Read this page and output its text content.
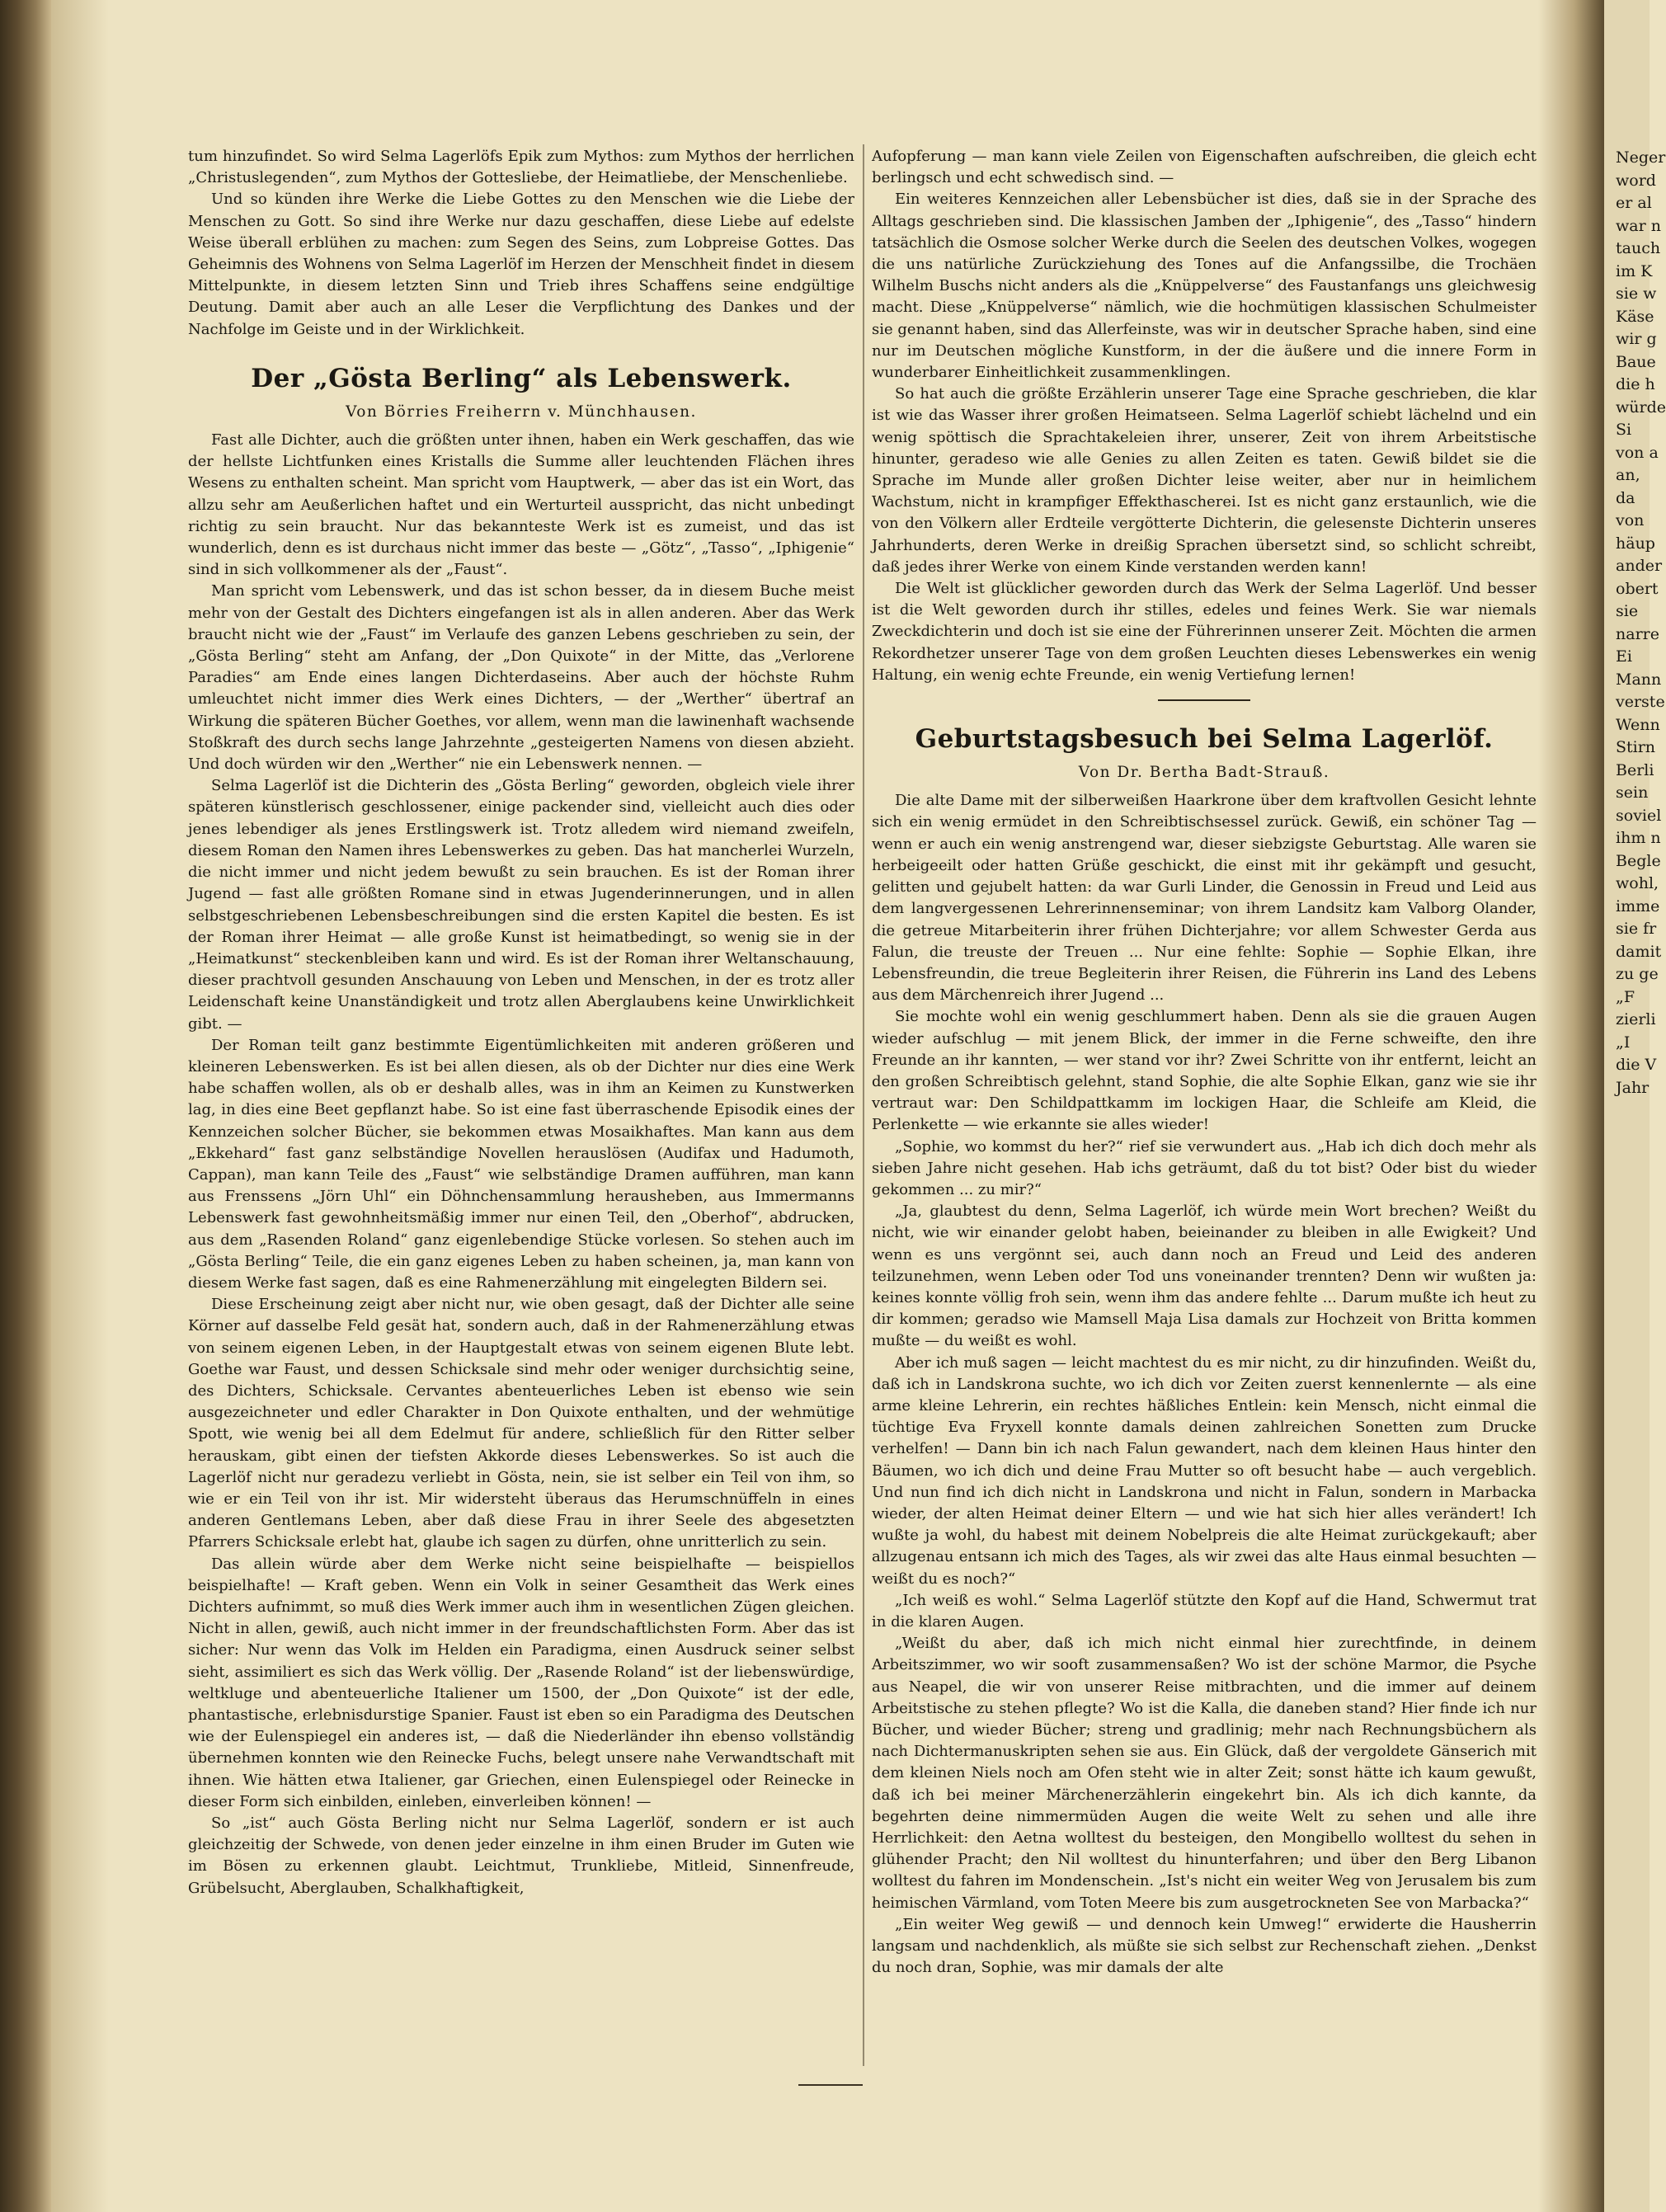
tum hinzufindet. So wird Selma Lagerlöfs Epik zum Mythos: zum Mythos der herrlichen „Christuslegenden“, zum Mythos der Gottesliebe, der Heimatliebe, der Menschenliebe.

Und so künden ihre Werke die Liebe Gottes zu den Menschen wie die Liebe der Menschen zu Gott. So sind ihre Werke nur dazu geschaffen, diese Liebe auf edelste Weise überall erblühen zu machen: zum Segen des Seins, zum Lobpreise Gottes. Das Geheimnis des Wohnens von Selma Lagerlöf im Herzen der Menschheit findet in diesem Mittelpunkte, in diesem letzten Sinn und Trieb ihres Schaffens seine endgültige Deutung. Damit aber auch an alle Leser die Verpflichtung des Dankes und der Nachfolge im Geiste und in der Wirklichkeit.

Der „Gösta Berling“ als Lebenswerk.
Von Börries Freiherrn v. Münchhausen.

Fast alle Dichter, auch die größten unter ihnen, haben ein Werk geschaffen, das wie der hellste Lichtfunken eines Kristalls die Summe aller leuchtenden Flächen ihres Wesens zu enthalten scheint. Man spricht vom Hauptwerk, — aber das ist ein Wort, das allzu sehr am Aeußerlichen haftet und ein Werturteil ausspricht, das nicht unbedingt richtig zu sein braucht. Nur das bekannteste Werk ist es zumeist, und das ist wunderlich, denn es ist durchaus nicht immer das beste — „Götz“, „Tasso“, „Iphigenie“ sind in sich vollkommener als der „Faust“.

Man spricht vom Lebenswerk, und das ist schon besser, da in diesem Buche meist mehr von der Gestalt des Dichters eingefangen ist als in allen anderen. Aber das Werk braucht nicht wie der „Faust“ im Verlaufe des ganzen Lebens geschrieben zu sein, der „Gösta Berling“ steht am Anfang, der „Don Quixote“ in der Mitte, das „Verlorene Paradies“ am Ende eines langen Dichterdaseins. Aber auch der höchste Ruhm umleuchtet nicht immer dies Werk eines Dichters, — der „Werther“ übertraf an Wirkung die späteren Bücher Goethes, vor allem, wenn man die lawinenhaft wachsende Stoßkraft des durch sechs lange Jahrzehnte „gesteigerten Namens von diesen abzieht. Und doch würden wir den „Werther“ nie ein Lebenswerk nennen. —

Selma Lagerlöf ist die Dichterin des „Gösta Berling“ geworden, obgleich viele ihrer späteren künstlerisch geschlossener, einige packender sind, vielleicht auch dies oder jenes lebendiger als jenes Erstlingswerk ist. Trotz alledem wird niemand zweifeln, diesem Roman den Namen ihres Lebenswerkes zu geben. Das hat mancherlei Wurzeln, die nicht immer und nicht jedem bewußt zu sein brauchen. Es ist der Roman ihrer Jugend — fast alle größten Romane sind in etwas Jugenderinnerungen, und in allen selbstgeschriebenen Lebensbeschreibungen sind die ersten Kapitel die besten. Es ist der Roman ihrer Heimat — alle große Kunst ist heimatbedingt, so wenig sie in der „Heimatkunst“ steckenbleiben kann und wird. Es ist der Roman ihrer Weltanschauung, dieser prachtvoll gesunden Anschauung von Leben und Menschen, in der es trotz aller Leidenschaft keine Unanständigkeit und trotz allen Aberglaubens keine Unwirklichkeit gibt. —

Der Roman teilt ganz bestimmte Eigentümlichkeiten mit anderen größeren und kleineren Lebenswerken. Es ist bei allen diesen, als ob der Dichter nur dies eine Werk habe schaffen wollen, als ob er deshalb alles, was in ihm an Keimen zu Kunstwerken lag, in dies eine Beet gepflanzt habe. So ist eine fast überraschende Episodik eines der Kennzeichen solcher Bücher, sie bekommen etwas Mosaikhaftes. Man kann aus dem „Ekkehard“ fast ganz selbständige Novellen herauslösen (Audifax und Hadumoth, Cappan), man kann Teile des „Faust“ wie selbständige Dramen aufführen, man kann aus Frenssens „Jörn Uhl“ ein Döhnchensammlung herausheben, aus Immermanns Lebenswerk fast gewohnheitsmäßig immer nur einen Teil, den „Oberhof“, abdrucken, aus dem „Rasenden Roland“ ganz eigenlebendige Stücke vorlesen. So stehen auch im „Gösta Berling“ Teile, die ein ganz eigenes Leben zu haben scheinen, ja, man kann von diesem Werke fast sagen, daß es eine Rahmenerzählung mit eingelegten Bildern sei.

Diese Erscheinung zeigt aber nicht nur, wie oben gesagt, daß der Dichter alle seine Körner auf dasselbe Feld gesät hat, sondern auch, daß in der Rahmenerzählung etwas von seinem eigenen Leben, in der Hauptgestalt etwas von seinem eigenen Blute lebt. Goethe war Faust, und dessen Schicksale sind mehr oder weniger durchsichtig seine, des Dichters, Schicksale. Cervantes abenteuerliches Leben ist ebenso wie sein ausgezeichneter und edler Charakter in Don Quixote enthalten, und der wehmütige Spott, wie wenig bei all dem Edelmut für andere, schließlich für den Ritter selber herauskam, gibt einen der tiefsten Akkorde dieses Lebenswerkes. So ist auch die Lagerlöf nicht nur geradezu verliebt in Gösta, nein, sie ist selber ein Teil von ihm, so wie er ein Teil von ihr ist. Mir widersteht überaus das Herumschnüffeln in eines anderen Gentlemans Leben, aber daß diese Frau in ihrer Seele des abgesetzten Pfarrers Schicksale erlebt hat, glaube ich sagen zu dürfen, ohne unritterlich zu sein.

Das allein würde aber dem Werke nicht seine beispielhafte — beispiellos beispielhafte! — Kraft geben. Wenn ein Volk in seiner Gesamtheit das Werk eines Dichters aufnimmt, so muß dies Werk immer auch ihm in wesentlichen Zügen gleichen. Nicht in allen, gewiß, auch nicht immer in der freundschaftlichsten Form. Aber das ist sicher: Nur wenn das Volk im Helden ein Paradigma, einen Ausdruck seiner selbst sieht, assimiliert es sich das Werk völlig. Der „Rasende Roland“ ist der liebenswürdige, weltkluge und abenteuerliche Italiener um 1500, der „Don Quixote“ ist der edle, phantastische, erlebnisdurstige Spanier. Faust ist eben so ein Paradigma des Deutschen wie der Eulenspiegel ein anderes ist, — daß die Niederländer ihn ebenso vollständig übernehmen konnten wie den Reinecke Fuchs, belegt unsere nahe Verwandtschaft mit ihnen. Wie hätten etwa Italiener, gar Griechen, einen Eulenspiegel oder Reinecke in dieser Form sich einbilden, einleben, einverleiben können! —

So „ist“ auch Gösta Berling nicht nur Selma Lagerlöf, sondern er ist auch gleichzeitig der Schwede, von denen jeder einzelne in ihm einen Bruder im Guten wie im Bösen zu erkennen glaubt. Leichtmut, Trunkliebe, Mitleid, Sinnenfreude, Grübelsucht, Aberglauben, Schalkhaftigkeit,

Aufopferung — man kann viele Zeilen von Eigenschaften aufschreiben, die gleich echt berlingsch und echt schwedisch sind. —

Ein weiteres Kennzeichen aller Lebensbücher ist dies, daß sie in der Sprache des Alltags geschrieben sind. Die klassischen Jamben der „Iphigenie“, des „Tasso“ hindern tatsächlich die Osmose solcher Werke durch die Seelen des deutschen Volkes, wogegen die uns natürliche Zurückziehung des Tones auf die Anfangssilbe, die Trochäen Wilhelm Buschs nicht anders als die „Knüppelverse“ des Faustanfangs uns gleichwesig macht. Diese „Knüppelverse“ nämlich, wie die hochmütigen klassischen Schulmeister sie genannt haben, sind das Allerfeinste, was wir in deutscher Sprache haben, sind eine nur im Deutschen mögliche Kunstform, in der die äußere und die innere Form in wunderbarer Einheitlichkeit zusammenklingen.

So hat auch die größte Erzählerin unserer Tage eine Sprache geschrieben, die klar ist wie das Wasser ihrer großen Heimatseen. Selma Lagerlöf schiebt lächelnd und ein wenig spöttisch die Sprachtakeleien ihrer, unserer, Zeit von ihrem Arbeitstische hinunter, geradeso wie alle Genies zu allen Zeiten es taten. Gewiß bildet sie die Sprache im Munde aller großen Dichter leise weiter, aber nur in heimlichem Wachstum, nicht in krampfiger Effekthascherei. Ist es nicht ganz erstaunlich, wie die von den Völkern aller Erdteile vergötterte Dichterin, die gelesenste Dichterin unseres Jahrhunderts, deren Werke in dreißig Sprachen übersetzt sind, so schlicht schreibt, daß jedes ihrer Werke von einem Kinde verstanden werden kann!

Die Welt ist glücklicher geworden durch das Werk der Selma Lagerlöf. Und besser ist die Welt geworden durch ihr stilles, edeles und feines Werk. Sie war niemals Zweckdichterin und doch ist sie eine der Führerinnen unserer Zeit. Möchten die armen Rekordhetzer unserer Tage von dem großen Leuchten dieses Lebenswerkes ein wenig Haltung, ein wenig echte Freunde, ein wenig Vertiefung lernen!

Geburtstagsbesuch bei Selma Lagerlöf.
Von Dr. Bertha Badt-Strauß.

Die alte Dame mit der silberweißen Haarkrone über dem kraftvollen Gesicht lehnte sich ein wenig ermüdet in den Schreibtischsessel zurück. Gewiß, ein schöner Tag — wenn er auch ein wenig anstrengend war, dieser siebzigste Geburtstag. Alle waren sie herbeigeeilt oder hatten Grüße geschickt, die einst mit ihr gekämpft und gesucht, gelitten und gejubelt hatten: da war Gurli Linder, die Genossin in Freud und Leid aus dem langvergessenen Lehrerinnenseminar; von ihrem Landsitz kam Valborg Olander, die getreue Mitarbeiterin ihrer frühen Dichterjahre; vor allem Schwester Gerda aus Falun, die treuste der Treuen ... Nur eine fehlte: Sophie — Sophie Elkan, ihre Lebensfreundin, die treue Begleiterin ihrer Reisen, die Führerin ins Land des Lebens aus dem Märchenreich ihrer Jugend ...

Sie mochte wohl ein wenig geschlummert haben. Denn als sie die grauen Augen wieder aufschlug — mit jenem Blick, der immer in die Ferne schweifte, den ihre Freunde an ihr kannten, — wer stand vor ihr? Zwei Schritte von ihr entfernt, leicht an den großen Schreibtisch gelehnt, stand Sophie, die alte Sophie Elkan, ganz wie sie ihr vertraut war: Den Schildpattkamm im lockigen Haar, die Schleife am Kleid, die Perlenkette — wie erkannte sie alles wieder!

„Sophie, wo kommst du her?“ rief sie verwundert aus. „Hab ich dich doch mehr als sieben Jahre nicht gesehen. Hab ichs geträumt, daß du tot bist? Oder bist du wieder gekommen ... zu mir?“

„Ja, glaubtest du denn, Selma Lagerlöf, ich würde mein Wort brechen? Weißt du nicht, wie wir einander gelobt haben, beieinander zu bleiben in alle Ewigkeit? Und wenn es uns vergönnt sei, auch dann noch an Freud und Leid des anderen teilzunehmen, wenn Leben oder Tod uns voneinander trennten? Denn wir wußten ja: keines konnte völlig froh sein, wenn ihm das andere fehlte ... Darum mußte ich heut zu dir kommen; geradso wie Mamsell Maja Lisa damals zur Hochzeit von Britta kommen mußte — du weißt es wohl.

Aber ich muß sagen — leicht machtest du es mir nicht, zu dir hinzufinden. Weißt du, daß ich in Landskrona suchte, wo ich dich vor Zeiten zuerst kennenlernte — als eine arme kleine Lehrerin, ein rechtes häßliches Entlein: kein Mensch, nicht einmal die tüchtige Eva Fryxell konnte damals deinen zahlreichen Sonetten zum Drucke verhelfen! — Dann bin ich nach Falun gewandert, nach dem kleinen Haus hinter den Bäumen, wo ich dich und deine Frau Mutter so oft besucht habe — auch vergeblich. Und nun find ich dich nicht in Landskrona und nicht in Falun, sondern in Marbacka wieder, der alten Heimat deiner Eltern — und wie hat sich hier alles verändert! Ich wußte ja wohl, du habest mit deinem Nobelpreis die alte Heimat zurückgekauft; aber allzugenau entsann ich mich des Tages, als wir zwei das alte Haus einmal besuchten — weißt du es noch?“

„Ich weiß es wohl.“ Selma Lagerlöf stützte den Kopf auf die Hand, Schwermut trat in die klaren Augen.

„Weißt du aber, daß ich mich nicht einmal hier zurechtfinde, in deinem Arbeitszimmer, wo wir sooft zusammensaßen? Wo ist der schöne Marmor, die Psyche aus Neapel, die wir von unserer Reise mitbrachten, und die immer auf deinem Arbeitstische zu stehen pflegte? Wo ist die Kalla, die daneben stand? Hier finde ich nur Bücher, und wieder Bücher; streng und gradlinig; mehr nach Rechnungsbüchern als nach Dichtermanuskripten sehen sie aus. Ein Glück, daß der vergoldete Gänserich mit dem kleinen Niels noch am Ofen steht wie in alter Zeit; sonst hätte ich kaum gewußt, daß ich bei meiner Märchenerzählerin eingekehrt bin. Als ich dich kannte, da begehrten deine nimmermüden Augen die weite Welt zu sehen und alle ihre Herrlichkeit: den Aetna wolltest du besteigen, den Mongibello wolltest du sehen in glühender Pracht; den Nil wolltest du hinunterfahren; und über den Berg Libanon wolltest du fahren im Mondenschein. „Ist's nicht ein weiter Weg von Jerusalem bis zum heimischen Värmland, vom Toten Meere bis zum ausgetrockneten See von Marbacka?“

„Ein weiter Weg gewiß — und dennoch kein Umweg!“ erwiderte die Hausherrin langsam und nachdenklich, als müßte sie sich selbst zur Rechenschaft ziehen. „Denkst du noch dran, Sophie, was mir damals der alte

Neger
word
er al
war n
tauch
im K
sie w
Käse
wir g
Baue
die h
würde
Si
von a
an,
da
von
häup
ander
obert
sie
narre
Ei
Mann
verste
Wenn
Stirn
Berli
sein
soviel
ihm n
Begle
wohl,
imme
sie fr
damit
zu ge
„F
zierli
„I
die V
Jahr
